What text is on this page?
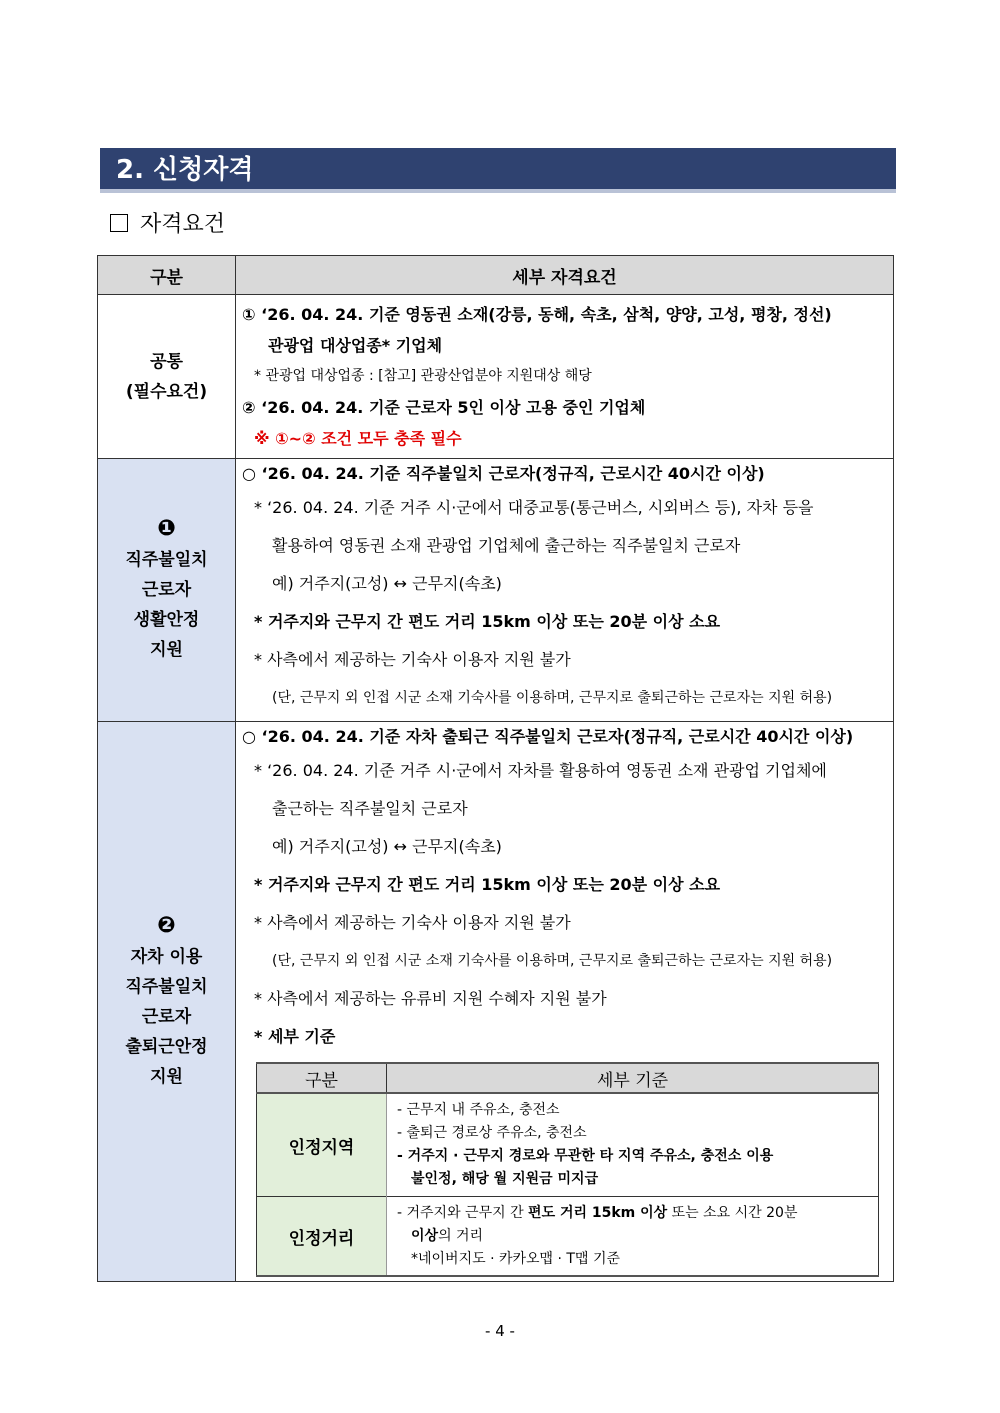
2. 신청자격
자격요건
구분	세부 자격요건

공통
(필수요건)

① ‘26. 04. 24. 기준 영동권 소재(강릉, 동해, 속초, 삼척, 양양, 고성, 평창, 정선)
관광업 대상업종* 기업체
* 관광업 대상업종 : [참고] 관광산업분야 지원대상 해당
② ‘26. 04. 24. 기준 근로자 5인 이상 고용 중인 기업체
※ ①~② 조건 모두 충족 필수

❶
직주불일치
근로자
생활안정
지원

○ ‘26. 04. 24. 기준 직주불일치 근로자(정규직, 근로시간 40시간 이상)
* ‘26. 04. 24. 기준 거주 시·군에서 대중교통(통근버스, 시외버스 등), 자차 등을
활용하여 영동권 소재 관광업 기업체에 출근하는 직주불일치 근로자
예) 거주지(고성) ↔ 근무지(속초)
* 거주지와 근무지 간 편도 거리 15km 이상 또는 20분 이상 소요
* 사측에서 제공하는 기숙사 이용자 지원 불가
(단, 근무지 외 인접 시군 소재 기숙사를 이용하며, 근무지로 출퇴근하는 근로자는 지원 허용)

❷
자차 이용
직주불일치
근로자
출퇴근안정
지원

○ ‘26. 04. 24. 기준 자차 출퇴근 직주불일치 근로자(정규직, 근로시간 40시간 이상)
* ‘26. 04. 24. 기준 거주 시·군에서 자차를 활용하여 영동권 소재 관광업 기업체에
출근하는 직주불일치 근로자
예) 거주지(고성) ↔ 근무지(속초)
* 거주지와 근무지 간 편도 거리 15km 이상 또는 20분 이상 소요
* 사측에서 제공하는 기숙사 이용자 지원 불가
(단, 근무지 외 인접 시군 소재 기숙사를 이용하며, 근무지로 출퇴근하는 근로자는 지원 허용)
* 사측에서 제공하는 유류비 지원 수혜자 지원 불가
* 세부 기준
구분	세부 기준
인정지역	
- 근무지 내 주유소, 충전소
- 출퇴근 경로상 주유소, 충전소
- 거주지 · 근무지 경로와 무관한 타 지역 주유소, 충전소 이용
불인정, 해당 월 지원금 미지급

인정거리	
- 거주지와 근무지 간 편도 거리 15km 이상 또는 소요 시간 20분
이상의 거리
*네이버지도 · 카카오맵 · T맵 기준
- 4 -
